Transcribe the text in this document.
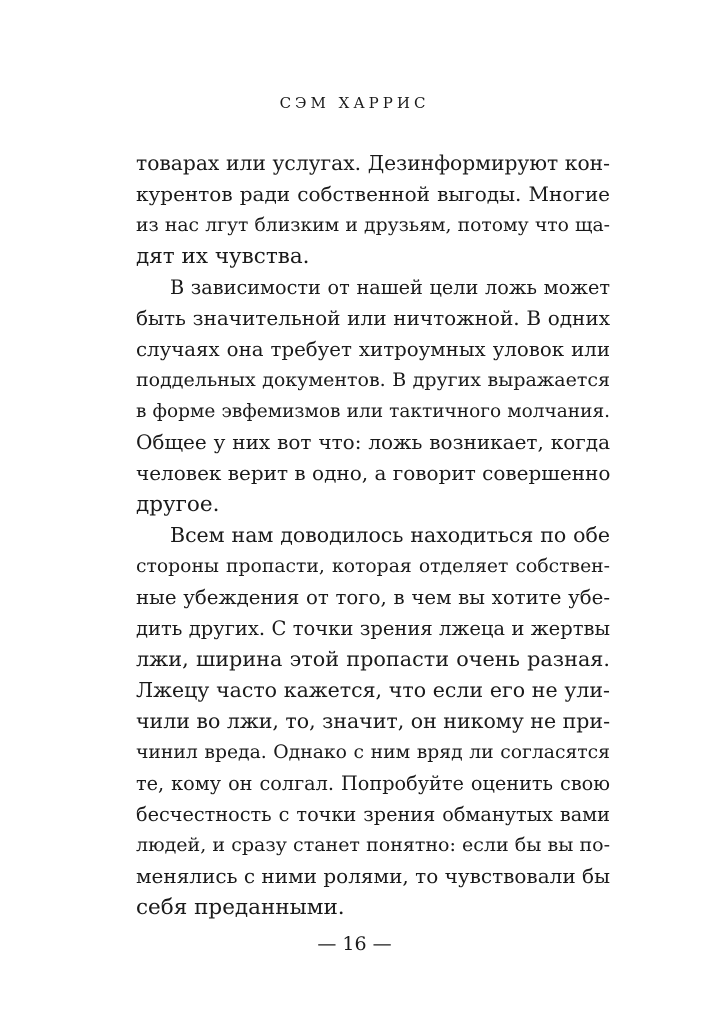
СЭМ ХАРРИС
товарах или услугах. Дезинформируют кон-
курентов ради собственной выгоды. Многие
из нас лгут близким и друзьям, потому что ща-
дят их чувства.
В зависимости от нашей цели ложь может
быть значительной или ничтожной. В одних
случаях она требует хитроумных уловок или
поддельных документов. В других выражается
в форме эвфемизмов или тактичного молчания.
Общее у них вот что: ложь возникает, когда
человек верит в одно, а говорит совершенно
другое.
Всем нам доводилось находиться по обе
стороны пропасти, которая отделяет собствен-
ные убеждения от того, в чем вы хотите убе-
дить других. С точки зрения лжеца и жертвы
лжи, ширина этой пропасти очень разная.
Лжецу часто кажется, что если его не ули-
чили во лжи, то, значит, он никому не при-
чинил вреда. Однако с ним вряд ли согласятся
те, кому он солгал. Попробуйте оценить свою
бесчестность с точки зрения обманутых вами
людей, и сразу станет понятно: если бы вы по-
менялись с ними ролями, то чувствовали бы
себя преданными.
— 16 —
